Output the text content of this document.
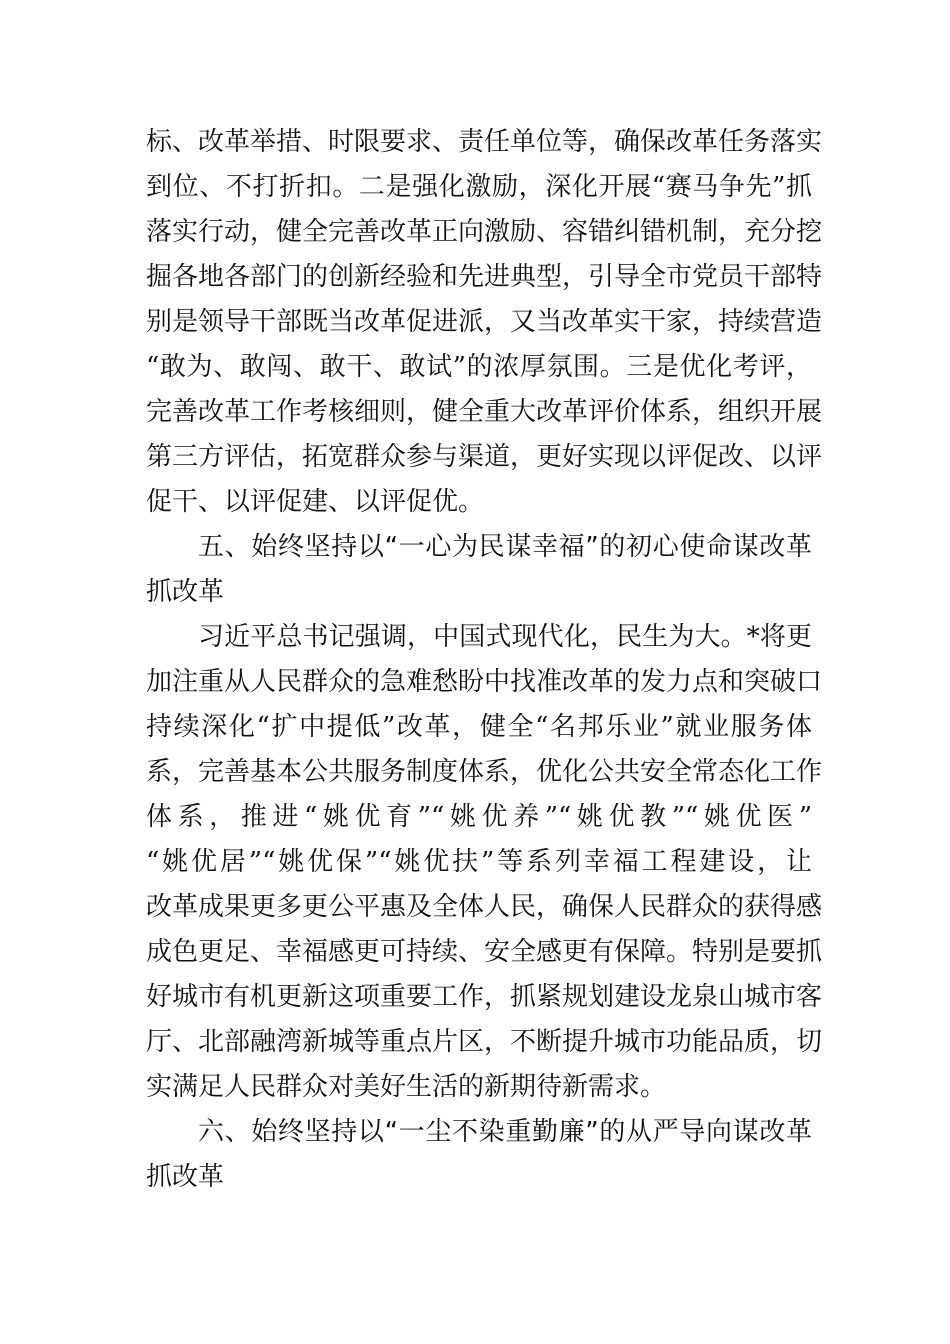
标、改革举措、时限要求、责任单位等，确保改革任务落实
到位、不打折扣。二是强化激励，深化开展“赛马争先”抓
落实行动，健全完善改革正向激励、容错纠错机制，充分挖
掘各地各部门的创新经验和先进典型，引导全市党员干部特
别是领导干部既当改革促进派，又当改革实干家，持续营造
“敢为、敢闯、敢干、敢试”的浓厚氛围。三是优化考评，
完善改革工作考核细则，健全重大改革评价体系，组织开展
第三方评估，拓宽群众参与渠道，更好实现以评促改、以评
促干、以评促建、以评促优。
五、始终坚持以“一心为民谋幸福”的初心使命谋改革
抓改革
习近平总书记强调，中国式现代化，民生为大。*将更
加注重从人民群众的急难愁盼中找准改革的发力点和突破口
持续深化“扩中提低”改革，健全“名邦乐业”就业服务体
系，完善基本公共服务制度体系，优化公共安全常态化工作
体系，推进“姚优育”“姚优养”“姚优教”“姚优医”
“姚优居”“姚优保”“姚优扶”等系列幸福工程建设，让
改革成果更多更公平惠及全体人民，确保人民群众的获得感
成色更足、幸福感更可持续、安全感更有保障。特别是要抓
好城市有机更新这项重要工作，抓紧规划建设龙泉山城市客
厅、北部融湾新城等重点片区，不断提升城市功能品质，切
实满足人民群众对美好生活的新期待新需求。
六、始终坚持以“一尘不染重勤廉”的从严导向谋改革
抓改革
